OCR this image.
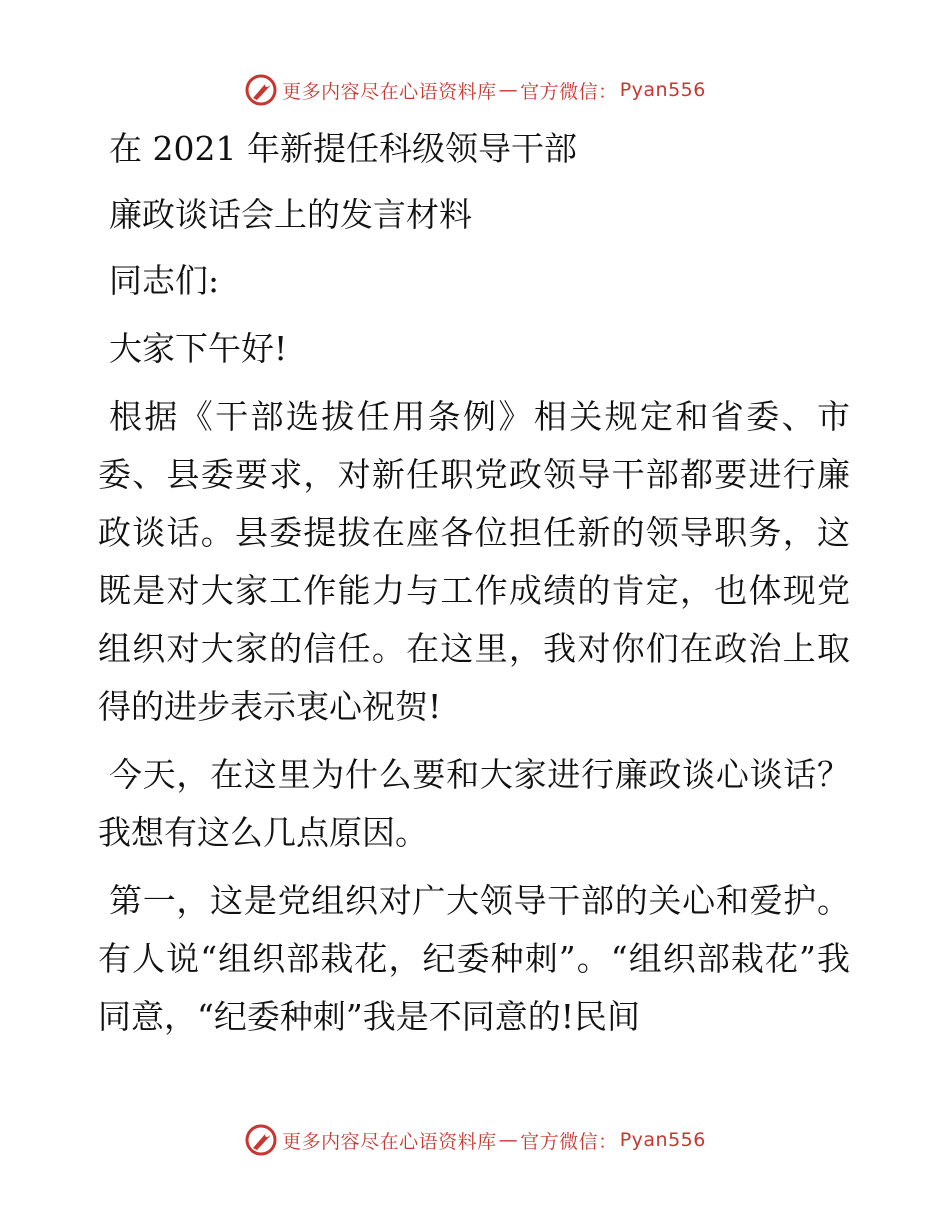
更多内容尽在心语资料库 — 官方微信： Pyan556
在 2021 年新提任科级领导干部
廉政谈话会上的发言材料
同志们:
大家下午好!
根据《干部选拔任用条例》相关规定和省委、市委、县委要求，对新任职党政领导干部都要进行廉政谈话。县委提拔在座各位担任新的领导职务，这既是对大家工作能力与工作成绩的肯定，也体现党组织对大家的信任。在这里，我对你们在政治上取得的进步表示衷心祝贺!
今天，在这里为什么要和大家进行廉政谈心谈话？我想有这么几点原因。
第一，这是党组织对广大领导干部的关心和爱护。有人说“组织部栽花，纪委种刺”。“组织部栽花”我同意，“纪委种刺”我是不同意的!民间
更多内容尽在心语资料库 — 官方微信： Pyan556
